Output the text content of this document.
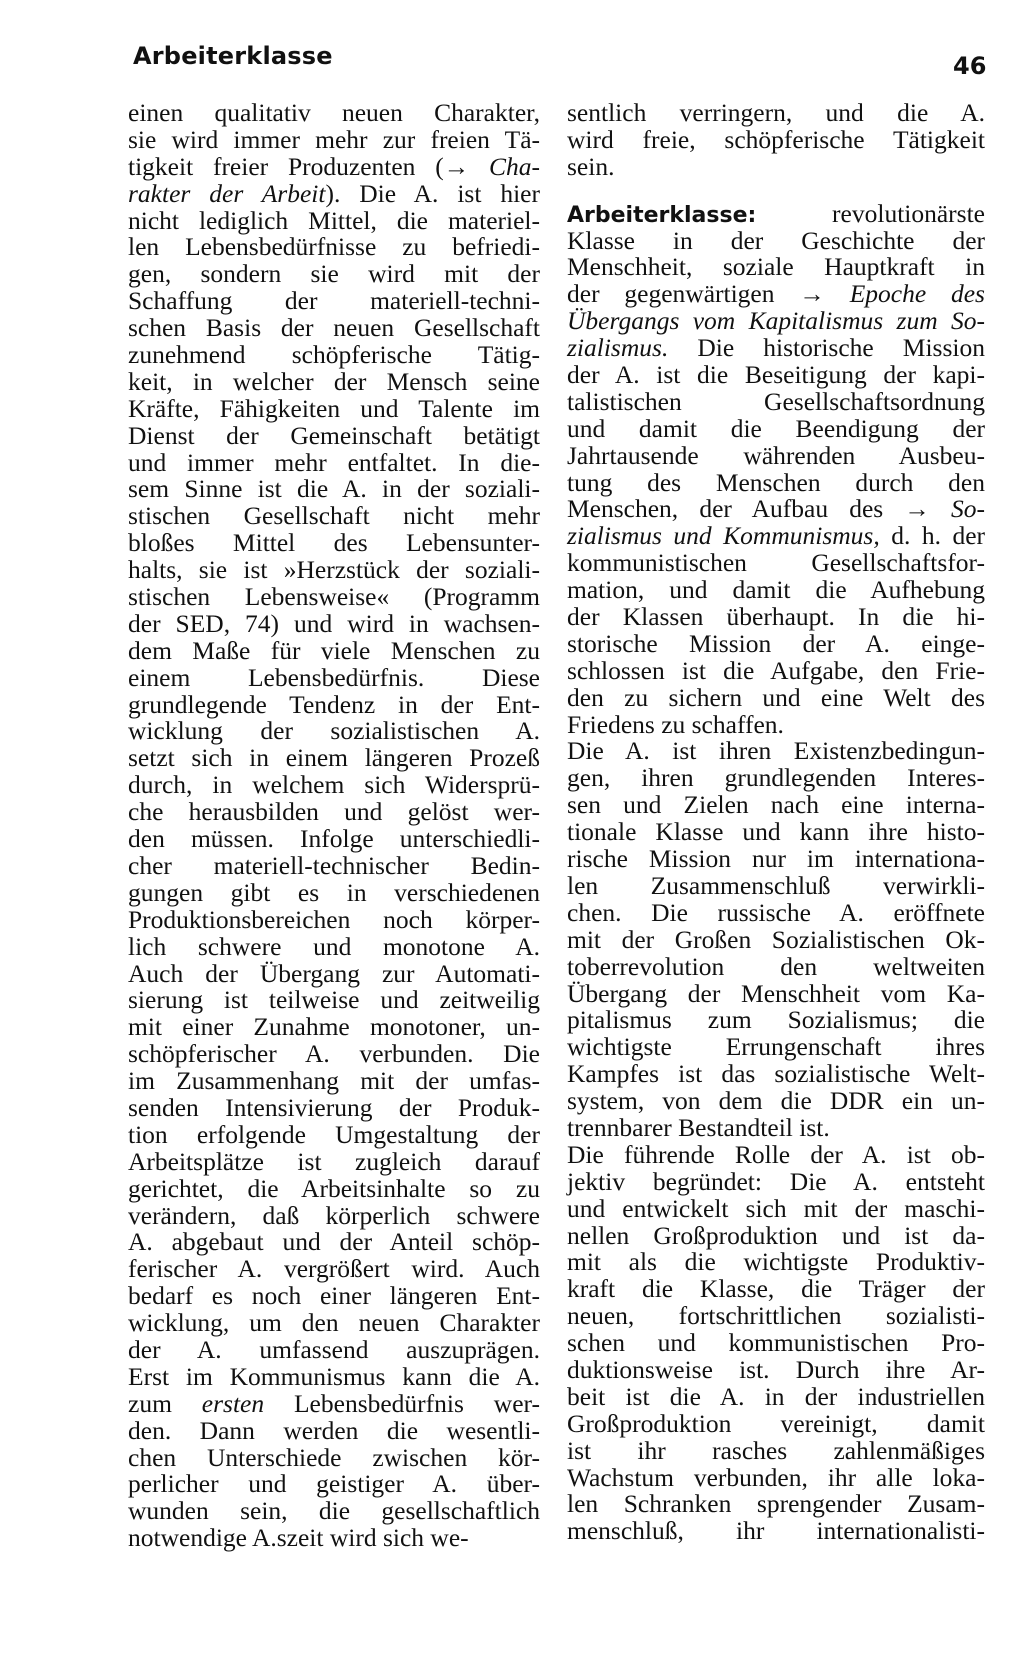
Arbeiterklasse	46
einen qualitativ neuen Charakter,
sie wird immer mehr zur freien Tä-
tigkeit freier Produzenten (→ Cha-
rakter der Arbeit). Die A. ist hier
nicht lediglich Mittel, die materiel-
len Lebensbedürfnisse zu befriedi-
gen, sondern sie wird mit der
Schaffung der materiell-techni-
schen Basis der neuen Gesellschaft
zunehmend schöpferische Tätig-
keit, in welcher der Mensch seine
Kräfte, Fähigkeiten und Talente im
Dienst der Gemeinschaft betätigt
und immer mehr entfaltet. In die-
sem Sinne ist die A. in der soziali-
stischen Gesellschaft nicht mehr
bloßes Mittel des Lebensunter-
halts, sie ist »Herzstück der soziali-
stischen Lebensweise« (Programm
der SED, 74) und wird in wachsen-
dem Maße für viele Menschen zu
einem Lebensbedürfnis. Diese
grundlegende Tendenz in der Ent-
wicklung der sozialistischen A.
setzt sich in einem längeren Prozeß
durch, in welchem sich Widersprü-
che herausbilden und gelöst wer-
den müssen. Infolge unterschiedli-
cher materiell-technischer Bedin-
gungen gibt es in verschiedenen
Produktionsbereichen noch körper-
lich schwere und monotone A.
Auch der Übergang zur Automati-
sierung ist teilweise und zeitweilig
mit einer Zunahme monotoner, un-
schöpferischer A. verbunden. Die
im Zusammenhang mit der umfas-
senden Intensivierung der Produk-
tion erfolgende Umgestaltung der
Arbeitsplätze ist zugleich darauf
gerichtet, die Arbeitsinhalte so zu
verändern, daß körperlich schwere
A. abgebaut und der Anteil schöp-
ferischer A. vergrößert wird. Auch
bedarf es noch einer längeren Ent-
wicklung, um den neuen Charakter
der A. umfassend auszuprägen.
Erst im Kommunismus kann die A.
zum ersten Lebensbedürfnis wer-
den. Dann werden die wesentli-
chen Unterschiede zwischen kör-
perlicher und geistiger A. über-
wunden sein, die gesellschaftlich
notwendige A.szeit wird sich we-
sentlich verringern, und die A.
wird freie, schöpferische Tätigkeit
sein.
Arbeiterklasse: revolutionärste
Klasse in der Geschichte der
Menschheit, soziale Hauptkraft in
der gegenwärtigen → Epoche des
Übergangs vom Kapitalismus zum So-
zialismus. Die historische Mission
der A. ist die Beseitigung der kapi-
talistischen Gesellschaftsordnung
und damit die Beendigung der
Jahrtausende währenden Ausbeu-
tung des Menschen durch den
Menschen, der Aufbau des → So-
zialismus und Kommunismus, d. h. der
kommunistischen Gesellschaftsfor-
mation, und damit die Aufhebung
der Klassen überhaupt. In die hi-
storische Mission der A. einge-
schlossen ist die Aufgabe, den Frie-
den zu sichern und eine Welt des
Friedens zu schaffen.
Die A. ist ihren Existenzbedingun-
gen, ihren grundlegenden Interes-
sen und Zielen nach eine interna-
tionale Klasse und kann ihre histo-
rische Mission nur im internationa-
len Zusammenschluß verwirkli-
chen. Die russische A. eröffnete
mit der Großen Sozialistischen Ok-
toberrevolution den weltweiten
Übergang der Menschheit vom Ka-
pitalismus zum Sozialismus; die
wichtigste Errungenschaft ihres
Kampfes ist das sozialistische Welt-
system, von dem die DDR ein un-
trennbarer Bestandteil ist.
Die führende Rolle der A. ist ob-
jektiv begründet: Die A. entsteht
und entwickelt sich mit der maschi-
nellen Großproduktion und ist da-
mit als die wichtigste Produktiv-
kraft die Klasse, die Träger der
neuen, fortschrittlichen sozialisti-
schen und kommunistischen Pro-
duktionsweise ist. Durch ihre Ar-
beit ist die A. in der industriellen
Großproduktion vereinigt, damit
ist ihr rasches zahlenmäßiges
Wachstum verbunden, ihr alle loka-
len Schranken sprengender Zusam-
menschluß, ihr internationalisti-
